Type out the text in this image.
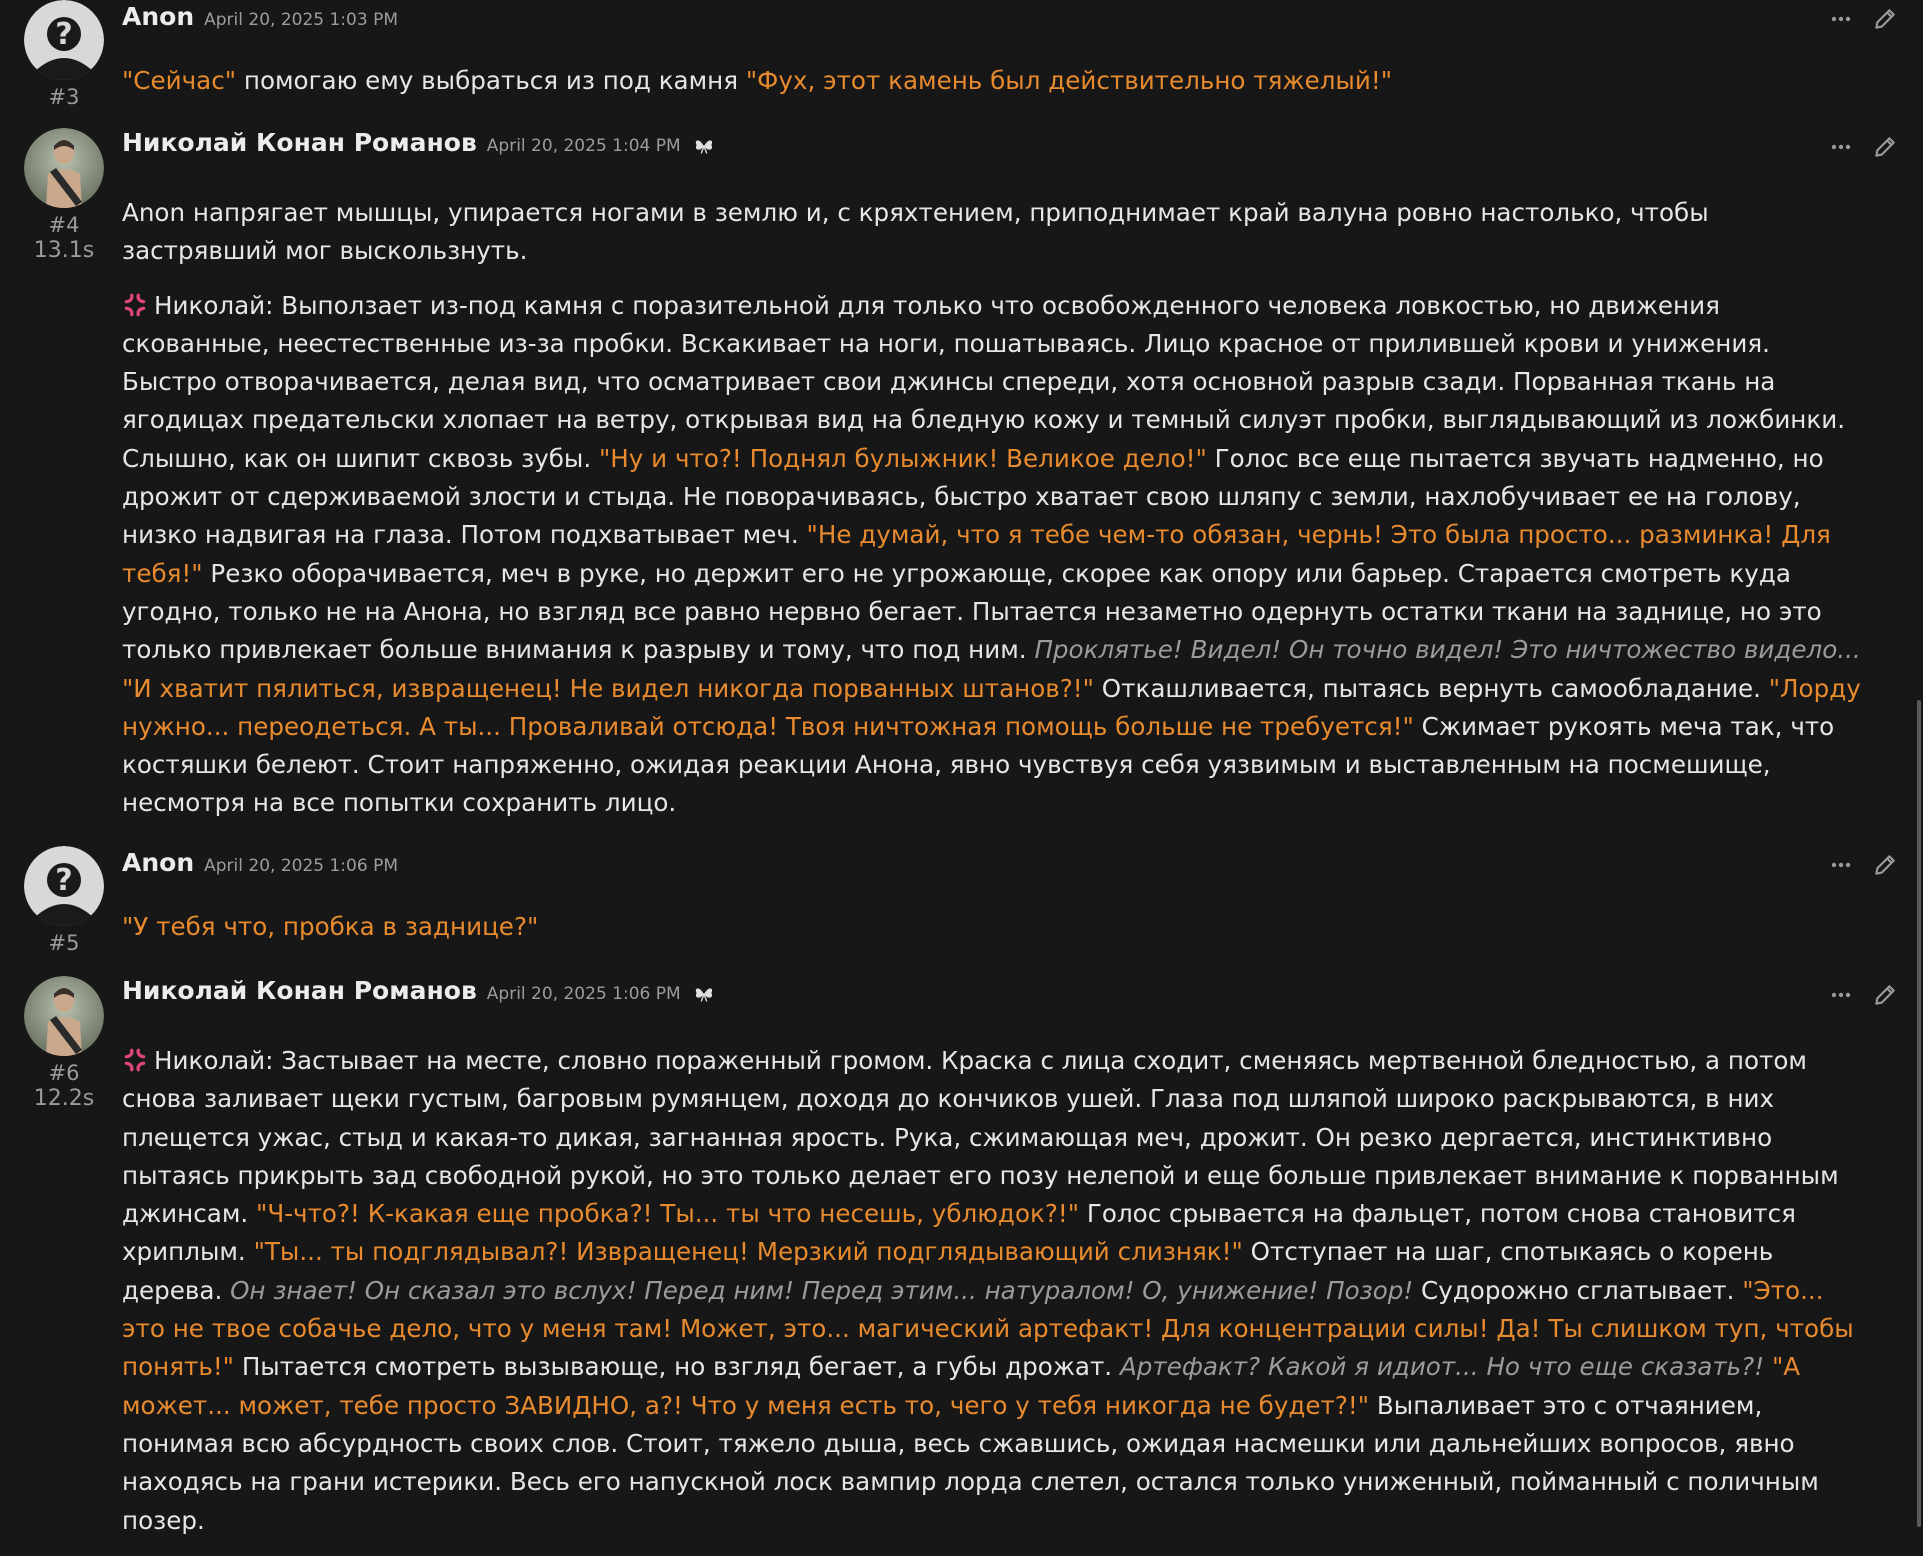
?
#3
Anon April 20, 2025 1:03 PM

"Сейчас" помогаю ему выбраться из под камня "Фух, этот камень был действительно тяжелый!"

#4
13.1s
Николай Конан Романов April 20, 2025 1:04 PM

Anon напрягает мышцы, упирается ногами в землю и, с кряхтением, приподнимает край валуна ровно настолько, чтобы застрявший мог выскользнуть.

Николай: Выползает из-под камня с поразительной для только что освобожденного человека ловкостью, но движения скованные, неестественные из-за пробки. Вскакивает на ноги, пошатываясь. Лицо красное от прилившей крови и унижения. Быстро отворачивается, делая вид, что осматривает свои джинсы спереди, хотя основной разрыв сзади. Порванная ткань на ягодицах предательски хлопает на ветру, открывая вид на бледную кожу и темный силуэт пробки, выглядывающий из ложбинки. Слышно, как он шипит сквозь зубы. "Ну и что?! Поднял булыжник! Великое дело!" Голос все еще пытается звучать надменно, но дрожит от сдерживаемой злости и стыда. Не поворачиваясь, быстро хватает свою шляпу с земли, нахлобучивает ее на голову, низко надвигая на глаза. Потом подхватывает меч. "Не думай, что я тебе чем-то обязан, чернь! Это была просто... разминка! Для тебя!" Резко оборачивается, меч в руке, но держит его не угрожающе, скорее как опору или барьер. Старается смотреть куда угодно, только не на Анона, но взгляд все равно нервно бегает. Пытается незаметно одернуть остатки ткани на заднице, но это только привлекает больше внимания к разрыву и тому, что под ним. Проклятье! Видел! Он точно видел! Это ничтожество видело... "И хватит пялиться, извращенец! Не видел никогда порванных штанов?!" Откашливается, пытаясь вернуть самообладание. "Лорду нужно... переодеться. А ты... Проваливай отсюда! Твоя ничтожная помощь больше не требуется!" Сжимает рукоять меча так, что костяшки белеют. Стоит напряженно, ожидая реакции Анона, явно чувствуя себя уязвимым и выставленным на посмешище, несмотря на все попытки сохранить лицо.

?
#5
Anon April 20, 2025 1:06 PM

"У тебя что, пробка в заднице?"

#6
12.2s
Николай Конан Романов April 20, 2025 1:06 PM

Николай: Застывает на месте, словно пораженный громом. Краска с лица сходит, сменяясь мертвенной бледностью, а потом снова заливает щеки густым, багровым румянцем, доходя до кончиков ушей. Глаза под шляпой широко раскрываются, в них плещется ужас, стыд и какая-то дикая, загнанная ярость. Рука, сжимающая меч, дрожит. Он резко дергается, инстинктивно пытаясь прикрыть зад свободной рукой, но это только делает его позу нелепой и еще больше привлекает внимание к порванным джинсам. "Ч-что?! К-какая еще пробка?! Ты... ты что несешь, ублюдок?!" Голос срывается на фальцет, потом снова становится хриплым. "Ты... ты подглядывал?! Извращенец! Мерзкий подглядывающий слизняк!" Отступает на шаг, спотыкаясь о корень дерева. Он знает! Он сказал это вслух! Перед ним! Перед этим... натуралом! О, унижение! Позор! Судорожно сглатывает. "Это... это не твое собачье дело, что у меня там! Может, это... магический артефакт! Для концентрации силы! Да! Ты слишком туп, чтобы понять!" Пытается смотреть вызывающе, но взгляд бегает, а губы дрожат. Артефакт? Какой я идиот... Но что еще сказать?! "А может... может, тебе просто ЗАВИДНО, а?! Что у меня есть то, чего у тебя никогда не будет?!" Выпаливает это с отчаянием, понимая всю абсурдность своих слов. Стоит, тяжело дыша, весь сжавшись, ожидая насмешки или дальнейших вопросов, явно находясь на грани истерики. Весь его напускной лоск вампир лорда слетел, остался только униженный, пойманный с поличным позер.
